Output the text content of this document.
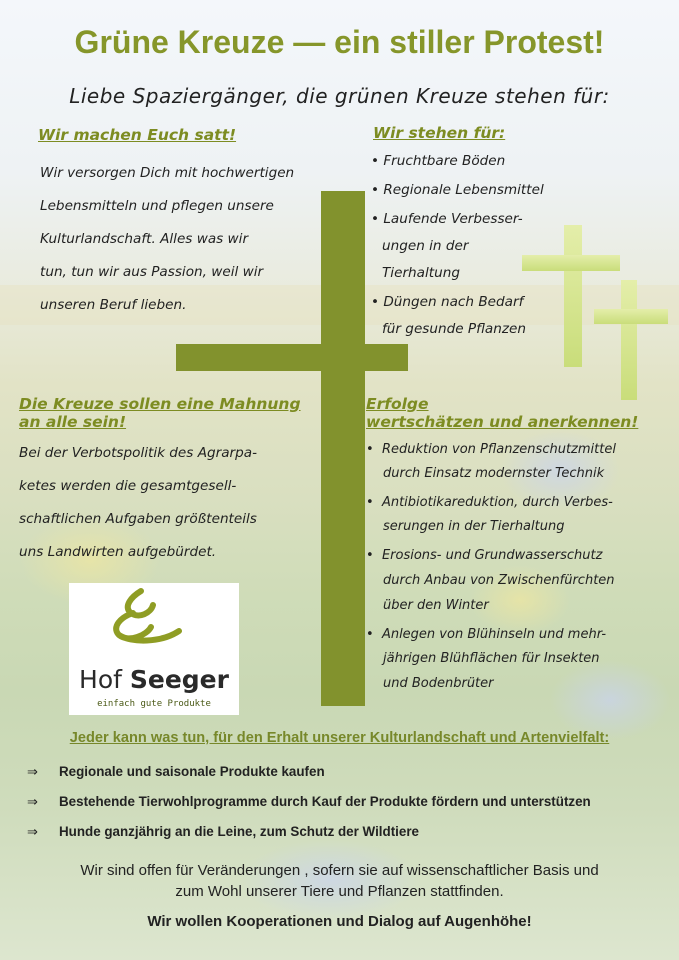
Grüne Kreuze — ein stiller Protest!

Liebe Spaziergänger, die grünen Kreuze stehen für:

Wir machen Euch satt!

Wir versorgen Dich mit hochwertigen

Lebensmitteln und pflegen unsere

Kulturlandschaft. Alles was wir

tun, tun wir aus Passion, weil wir

unseren Beruf lieben.

Wir stehen für:

• Fruchtbare Böden

• Regionale Lebensmittel

• Laufende Verbesser-

ungen in der

Tierhaltung

• Düngen nach Bedarf

für gesunde Pflanzen

Die Kreuze sollen eine Mahnung
an alle sein!

Bei der Verbotspolitik des Agrarpa-

ketes werden die gesamtgesell-

schaftlichen Aufgaben größtenteils

uns Landwirten aufgebürdet.

Erfolge
wertschätzen und anerkennen!

•  Reduktion von Pflanzenschutzmittel

durch Einsatz modernster Technik

•  Antibiotikareduktion, durch Verbes-

serungen in der Tierhaltung

•  Erosions- und Grundwasserschutz

durch Anbau von Zwischenfürchten

über den Winter

•  Anlegen von Blühinseln und mehr-

jährigen Blühflächen für Insekten

und Bodenbrüter

Hof Seeger

einfach gute Produkte

Jeder kann was tun, für den Erhalt unserer Kulturlandschaft und Artenvielfalt:

⇒ Regionale und saisonale Produkte kaufen
⇒ Bestehende Tierwohlprogramme durch Kauf der Produkte fördern und unterstützen
⇒ Hunde ganzjährig an die Leine, zum Schutz der Wildtiere

Wir sind offen für Veränderungen , sofern sie auf wissenschaftlicher Basis und
zum Wohl unserer Tiere und Pflanzen stattfinden.

Wir wollen Kooperationen und Dialog auf Augenhöhe!
